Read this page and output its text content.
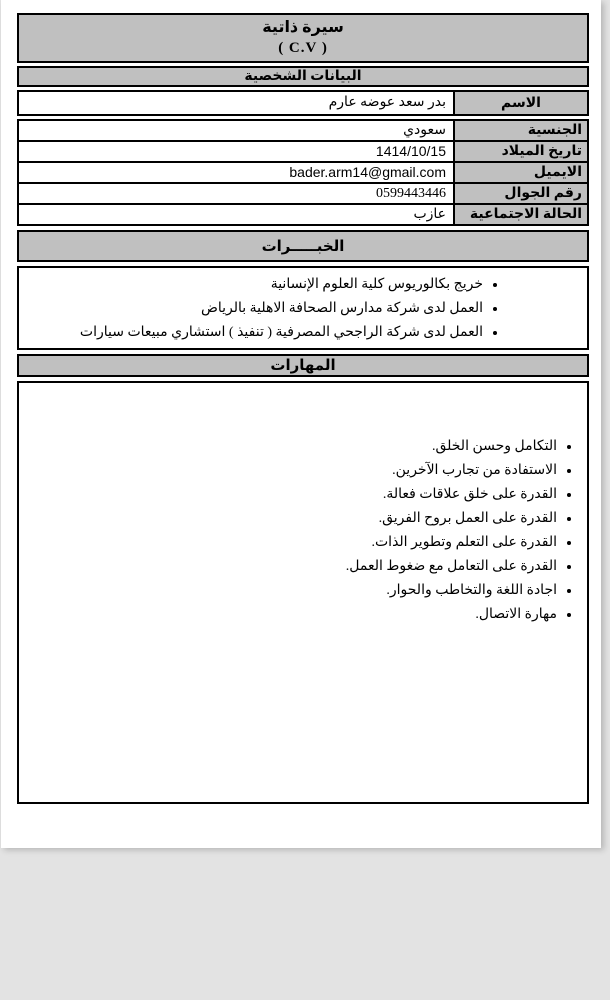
سيرة ذاتية
( C.V )
البيانات الشخصية
الاسم
بدر سعد عوضه عارم
الجنسية
سعودي
تاريخ الميلاد
1414/10/15
الايميل
bader.arm14@gmail.com
رقم الجوال
0599443446
الحالة الاجتماعية
عازب
الخبـــــرات
• خريج بكالوريوس كلية العلوم الإنسانية
• العمل لدى شركة مدارس الصحافة الاهلية بالرياض
• العمل لدى شركة الراجحي المصرفية ( تنفيذ ) استشاري مبيعات سيارات
المهارات
• التكامل وحسن الخلق.
• الاستفادة من تجارب الآخرين.
• القدرة على خلق علاقات فعالة.
• القدرة على العمل بروح الفريق.
• القدرة على التعلم وتطوير الذات.
• القدرة على التعامل مع ضغوط العمل.
• اجادة اللغة والتخاطب والحوار.
• مهارة الاتصال.
